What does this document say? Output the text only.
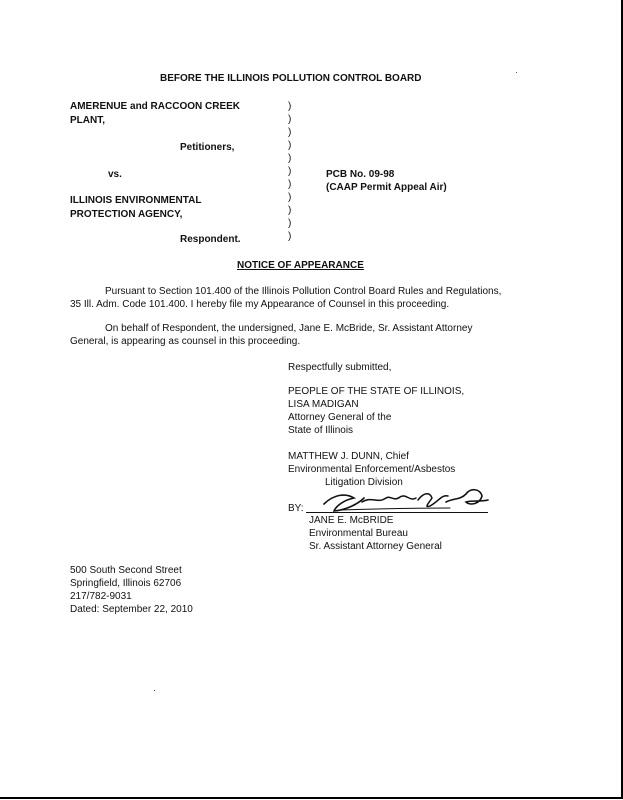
BEFORE THE ILLINOIS POLLUTION CONTROL BOARD
AMERENUE and RACCOON CREEK
PLANT,
Petitioners,
vs.
ILLINOIS ENVIRONMENTAL
PROTECTION AGENCY,
Respondent.
)
)
)
)
)
)
)
)
)
)
)
PCB No. 09-98
(CAAP Permit Appeal Air)
NOTICE OF APPEARANCE
Pursuant to Section 101.400 of the Illinois Pollution Control Board Rules and Regulations,
35 Ill. Adm. Code 101.400. I hereby file my Appearance of Counsel in this proceeding.
On behalf of Respondent, the undersigned, Jane E. McBride, Sr. Assistant Attorney
General, is appearing as counsel in this proceeding.
Respectfully submitted,
PEOPLE OF THE STATE OF ILLINOIS,
LISA MADIGAN
Attorney General of the
State of Illinois
MATTHEW J. DUNN, Chief
Environmental Enforcement/Asbestos
Litigation Division
BY:
JANE E. McBRIDE
Environmental Bureau
Sr. Assistant Attorney General
500 South Second Street
Springfield, Illinois 62706
217/782-9031
Dated: September 22, 2010
